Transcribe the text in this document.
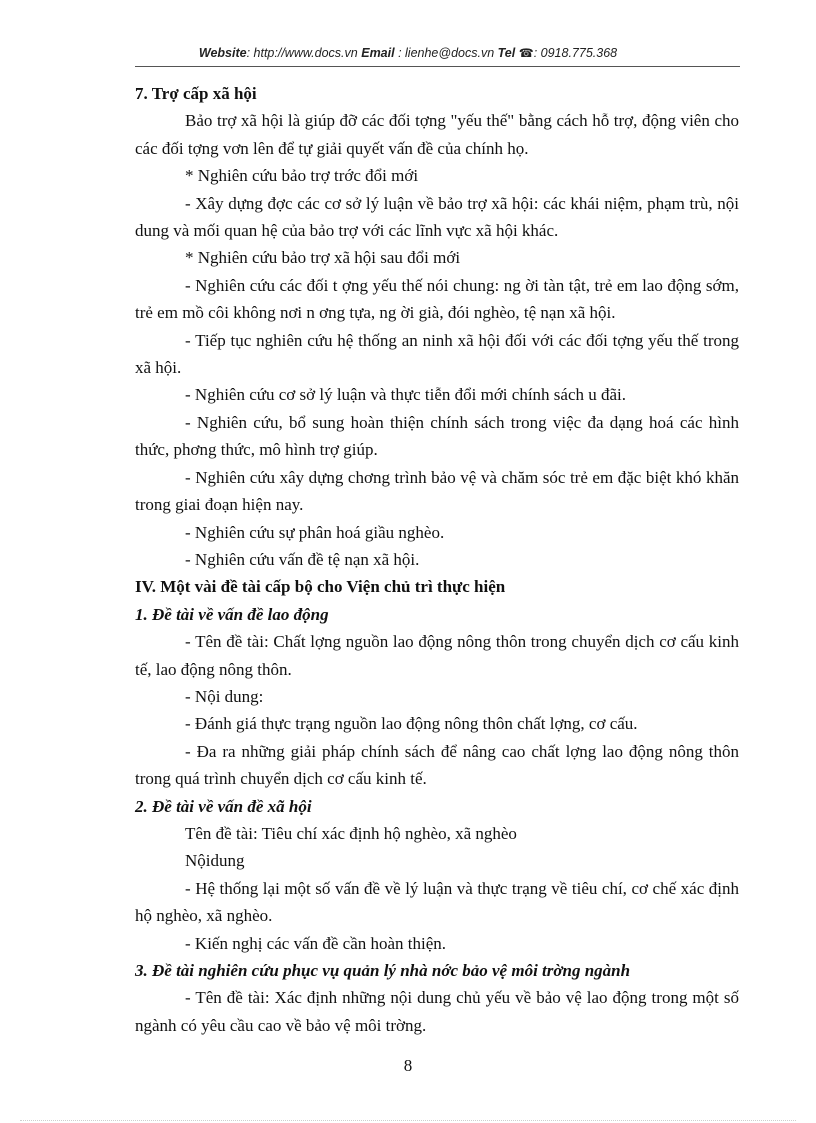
Website: http://www.docs.vn Email : lienhe@docs.vn Tel ☎: 0918.775.368

7. Trợ cấp xã hội

Bảo trợ xã hội là giúp đỡ các đối tợng "yếu thế" bằng cách hỗ trợ, động viên cho các đối tợng vơn lên để tự giải quyết vấn đề của chính họ.

* Nghiên cứu bảo trợ trớc đổi mới

- Xây dựng đợc các cơ sở lý luận về bảo trợ xã hội: các khái niệm, phạm trù, nội dung và mối quan hệ của bảo trợ với các lĩnh vực xã hội khác.

* Nghiên cứu bảo trợ xã hội sau đổi mới

- Nghiên cứu các đối t ợng yếu thế nói chung: ng ời tàn tật, trẻ em lao động sớm, trẻ em mồ côi không nơi n ơng tựa, ng ời già, đói nghèo, tệ nạn xã hội.

- Tiếp tục nghiên cứu hệ thống an ninh xã hội đối với các đối tợng yếu thế trong xã hội.

- Nghiên cứu cơ sở lý luận và thực tiễn đổi mới chính sách u đãi.

- Nghiên cứu, bổ sung hoàn thiện chính sách trong việc đa dạng hoá các hình thức, phơng thức, mô hình trợ giúp.

- Nghiên cứu xây dựng chơng trình bảo vệ và chăm sóc trẻ em đặc biệt khó khăn trong giai đoạn hiện nay.

- Nghiên cứu sự phân hoá giầu nghèo.

- Nghiên cứu vấn đề tệ nạn xã hội.

IV. Một vài đề tài cấp bộ cho Viện chủ trì thực hiện

1. Đề tài về vấn đề lao động

- Tên đề tài: Chất lợng nguồn lao động nông thôn trong chuyển dịch cơ cấu kinh tế, lao động nông thôn.

- Nội dung:

- Đánh giá thực trạng nguồn lao động nông thôn chất lợng, cơ cấu.

- Đa ra những giải pháp chính sách để nâng cao chất lợng lao động nông thôn trong quá trình chuyển dịch cơ cấu kinh tế.

2. Đề tài về vấn đề xã hội

Tên đề tài: Tiêu chí xác định hộ nghèo, xã nghèo

Nộidung

- Hệ thống lại một số vấn đề về lý luận và thực trạng về tiêu chí, cơ chế xác định hộ nghèo, xã nghèo.

- Kiến nghị các vấn đề cần hoàn thiện.

3. Đề tài nghiên cứu phục vụ quản lý nhà nớc bảo vệ môi trờng ngành

- Tên đề tài: Xác định những nội dung chủ yếu về bảo vệ lao động trong một số ngành có yêu cầu cao về bảo vệ môi trờng.

8
